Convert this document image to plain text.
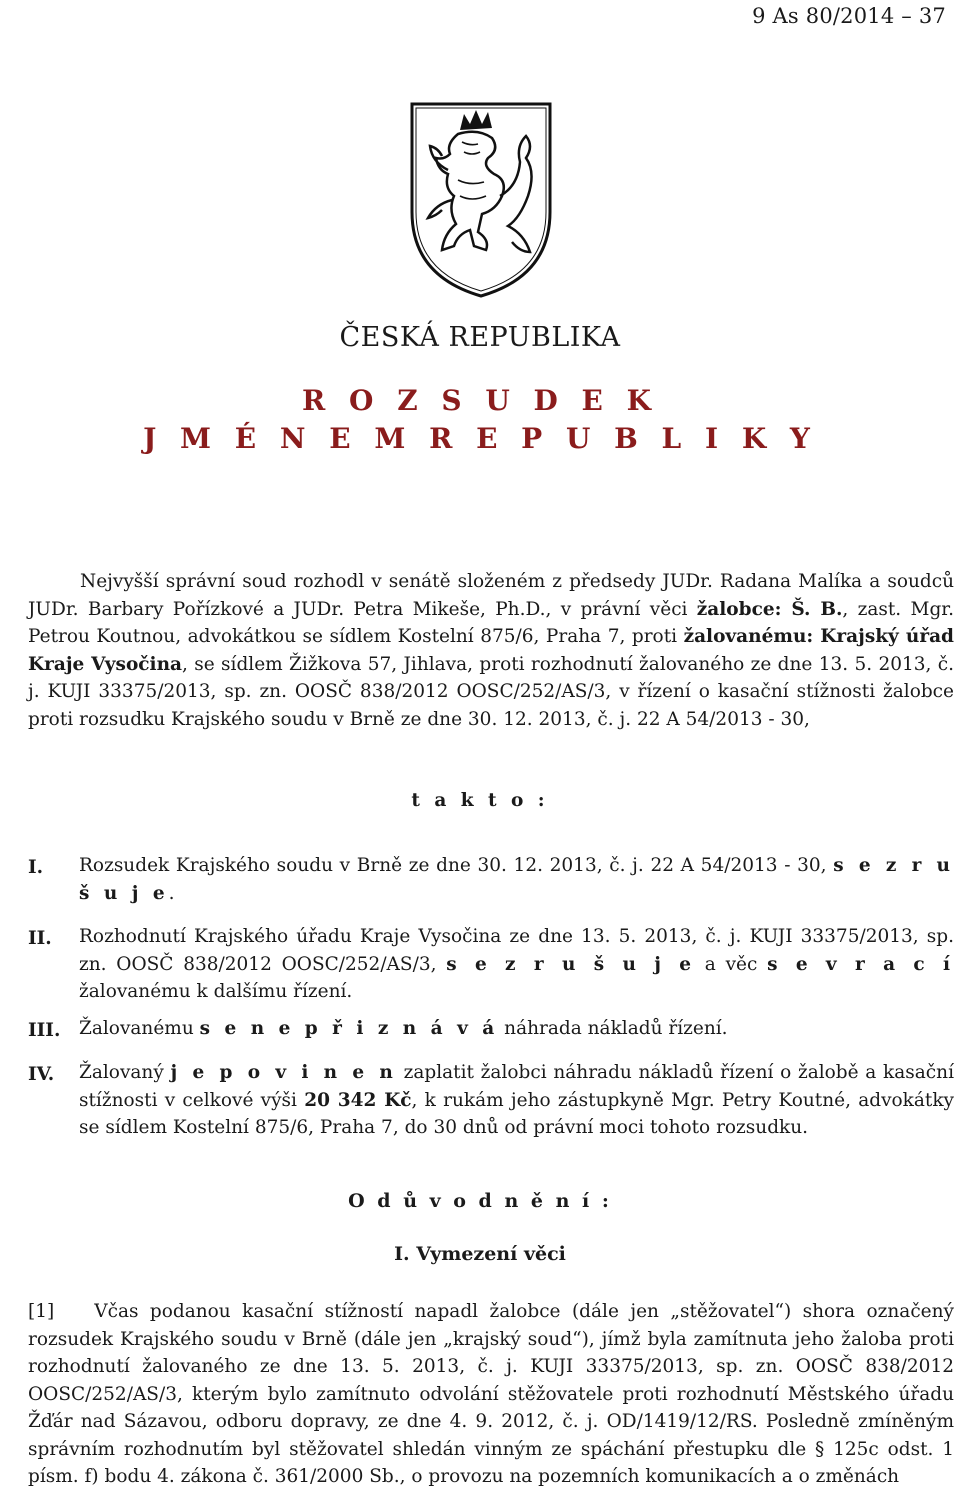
9 As 80/2014 – 37
ČESKÁ REPUBLIKA
R O Z S U D E K
J M É N E M R E P U B L I K Y

Nejvyšší správní soud rozhodl v senátě složeném z předsedy JUDr. Radana Malíka a soudců JUDr. Barbary Pořízkové a JUDr. Petra Mikeše, Ph.D., v právní věci žalobce: Š. B., zast. Mgr. Petrou Koutnou, advokátkou se sídlem Kostelní 875/6, Praha 7, proti žalovanému: Krajský úřad Kraje Vysočina, se sídlem Žižkova 57, Jihlava, proti rozhodnutí žalovaného ze dne 13. 5. 2013, č. j. KUJI 33375/2013, sp. zn. OOSČ 838/2012 OOSC/252/AS/3, v řízení o kasační stížnosti žalobce proti rozsudku Krajského soudu v Brně ze dne 30. 12. 2013, č. j. 22 A 54/2013 - 30,

t a k t o :
I. Rozsudek Krajského soudu v Brně ze dne 30. 12. 2013, č. j. 22 A 54/2013 - 30, s e z r u š u j e.
II. Rozhodnutí Krajského úřadu Kraje Vysočina ze dne 13. 5. 2013, č. j. KUJI 33375/2013, sp. zn. OOSČ 838/2012 OOSC/252/AS/3, s e z r u š u j e a věc s e v r a c í žalovanému k dalšímu řízení.
III. Žalovanému s e n e p ř i z n á v á náhrada nákladů řízení.
IV. Žalovaný j e p o v i n e n zaplatit žalobci náhradu nákladů řízení o žalobě a kasační stížnosti v celkové výši 20 342 Kč, k rukám jeho zástupkyně Mgr. Petry Koutné, advokátky se sídlem Kostelní 875/6, Praha 7, do 30 dnů od právní moci tohoto rozsudku.
O d ů v o d n ě n í :
I. Vymezení věci

[1] Včas podanou kasační stížností napadl žalobce (dále jen „stěžovatel“) shora označený rozsudek Krajského soudu v Brně (dále jen „krajský soud“), jímž byla zamítnuta jeho žaloba proti rozhodnutí žalovaného ze dne 13. 5. 2013, č. j. KUJI 33375/2013, sp. zn. OOSČ 838/2012 OOSC/252/AS/3, kterým bylo zamítnuto odvolání stěžovatele proti rozhodnutí Městského úřadu Žďár nad Sázavou, odboru dopravy, ze dne 4. 9. 2012, č. j. OD/1419/12/RS. Posledně zmíněným správním rozhodnutím byl stěžovatel shledán vinným ze spáchání přestupku dle § 125c odst. 1 písm. f) bodu 4. zákona č. 361/2000 Sb., o provozu na pozemních komunikacích a o změnách
